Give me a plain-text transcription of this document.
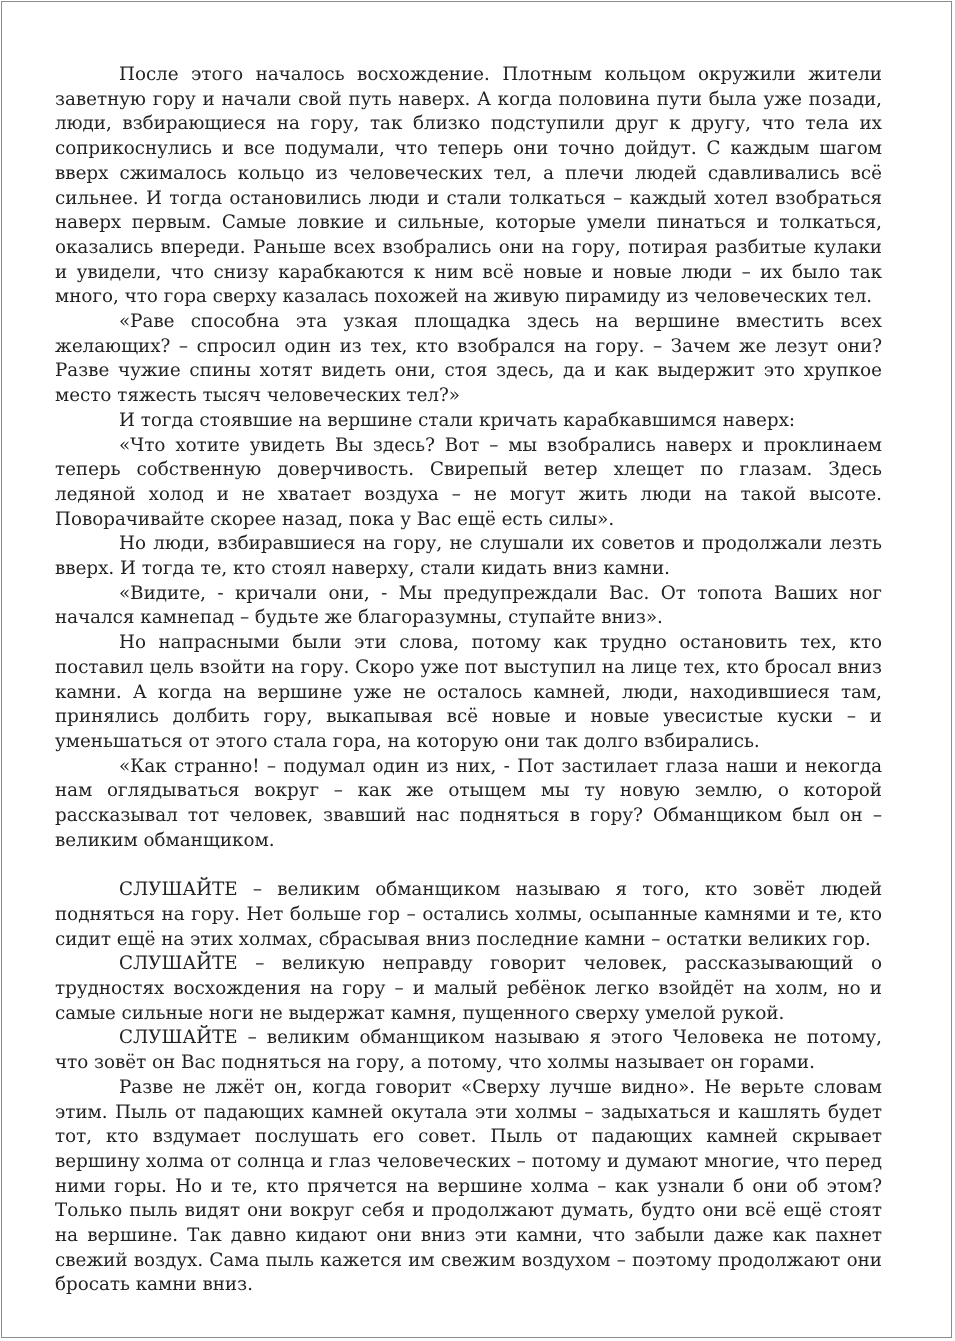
После этого началось восхождение. Плотным кольцом окружили жители заветную гору и начали свой путь наверх. А когда половина пути была уже позади, люди, взбирающиеся на гору, так близко подступили друг к другу, что тела их соприкоснулись и все подумали, что теперь они точно дойдут. С каждым шагом вверх сжималось кольцо из человеческих тел, а плечи людей сдавливались всё сильнее. И тогда остановились люди и стали толкаться – каждый хотел взобраться наверх первым. Самые ловкие и сильные, которые умели пинаться и толкаться, оказались впереди. Раньше всех взобрались они на гору, потирая разбитые кулаки и увидели, что снизу карабкаются к ним всё новые и новые люди – их было так много, что гора сверху казалась похожей на живую пирамиду из человеческих тел.

«Раве способна эта узкая площадка здесь на вершине вместить всех желающих? – спросил один из тех, кто взобрался на гору. – Зачем же лезут они? Разве чужие спины хотят видеть они, стоя здесь, да и как выдержит это хрупкое место тяжесть тысяч человеческих тел?»

И тогда стоявшие на вершине стали кричать карабкавшимся наверх:

«Что хотите увидеть Вы здесь? Вот – мы взобрались наверх и проклинаем теперь собственную доверчивость. Свирепый ветер хлещет по глазам. Здесь ледяной холод и не хватает воздуха – не могут жить люди на такой высоте. Поворачивайте скорее назад, пока у Вас ещё есть силы».

Но люди, взбиравшиеся на гору, не слушали их советов и продолжали лезть вверх. И тогда те, кто стоял наверху, стали кидать вниз камни.

«Видите, - кричали они, - Мы предупреждали Вас. От топота Ваших ног начался камнепад – будьте же благоразумны, ступайте вниз».

Но напрасными были эти слова, потому как трудно остановить тех, кто поставил цель взойти на гору. Скоро уже пот выступил на лице тех, кто бросал вниз камни. А когда на вершине уже не осталось камней, люди, находившиеся там, принялись долбить гору, выкапывая всё новые и новые увесистые куски – и уменьшаться от этого стала гора, на которую они так долго взбирались.

«Как странно! – подумал один из них, - Пот застилает глаза наши и некогда нам оглядываться вокруг – как же отыщем мы ту новую землю, о которой рассказывал тот человек, звавший нас подняться в гору? Обманщиком был он – великим обманщиком.

СЛУШАЙТЕ – великим обманщиком называю я того, кто зовёт людей подняться на гору. Нет больше гор – остались холмы, осыпанные камнями и те, кто сидит ещё на этих холмах, сбрасывая вниз последние камни – остатки великих гор.

СЛУШАЙТЕ – великую неправду говорит человек, рассказывающий о трудностях восхождения на гору – и малый ребёнок легко взойдёт на холм, но и самые сильные ноги не выдержат камня, пущенного сверху умелой рукой.

СЛУШАЙТЕ – великим обманщиком называю я этого Человека не потому, что зовёт он Вас подняться на гору, а потому, что холмы называет он горами.

Разве не лжёт он, когда говорит «Сверху лучше видно». Не верьте словам этим. Пыль от падающих камней окутала эти холмы – задыхаться и кашлять будет тот, кто вздумает послушать его совет. Пыль от падающих камней скрывает вершину холма от солнца и глаз человеческих – потому и думают многие, что перед ними горы. Но и те, кто прячется на вершине холма – как узнали б они об этом? Только пыль видят они вокруг себя и продолжают думать, будто они всё ещё стоят на вершине. Так давно кидают они вниз эти камни, что забыли даже как пахнет свежий воздух. Сама пыль кажется им свежим воздухом – поэтому продолжают они бросать камни вниз.
